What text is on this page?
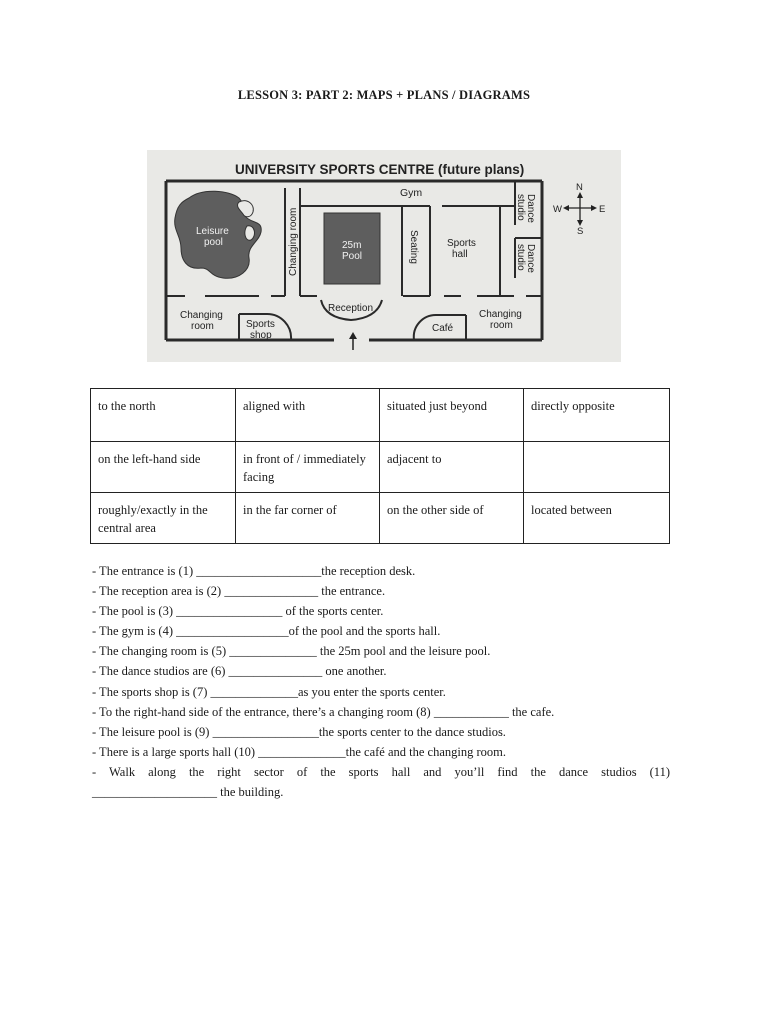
LESSON 3: PART 2: MAPS + PLANS / DIAGRAMS
UNIVERSITY SPORTS CENTRE (future plans)
Gym
Dance
studio
Dance
studio
Leisure
pool	Changing room	25m
Pool	Seating	Sports
hall
Reception
Changing
room	Sports
shop
Café
Changing
room
N
S
W	E
to the north	aligned with	situated just beyond	directly opposite
on the left-hand side	in front of / immediately facing	adjacent to	
roughly/exactly in the central area	in the far corner of	on the other side of	located between
- The entrance is (1) ____________________the reception desk.
- The reception area is (2) _______________ the entrance.
- The pool is (3) _________________ of the sports center.
- The gym is (4) __________________of the pool and the sports hall.
- The changing room is (5) ______________ the 25m pool and the leisure pool.
- The dance studios are (6) _______________ one another.
- The sports shop is (7) ______________as you enter the sports center.
- To the right-hand side of the entrance, there’s a changing room (8) ____________ the cafe.
- The leisure pool is (9) _________________the sports center to the dance studios.
- There is a large sports hall (10) ______________the café and the changing room.
- Walk along the right sector of the sports hall and you’ll find the dance studios (11)
____________________ the building.
